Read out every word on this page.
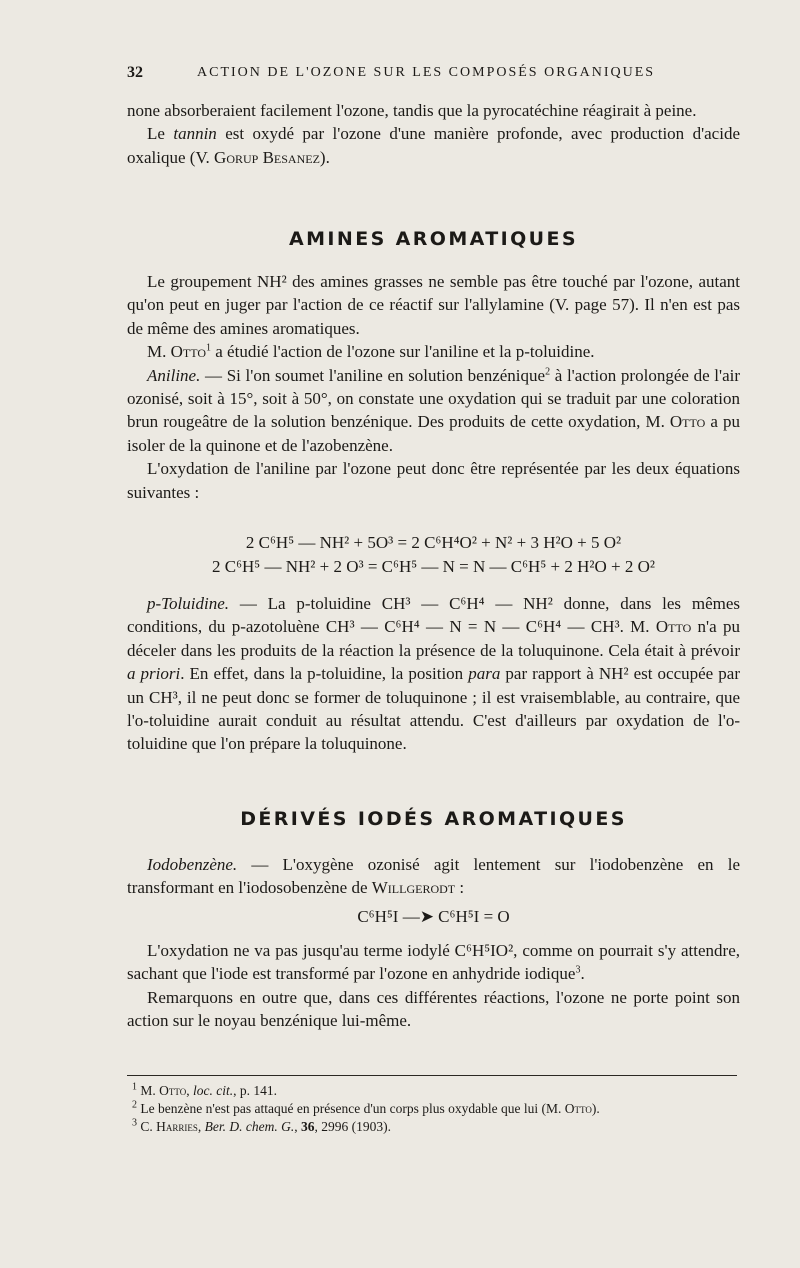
32	ACTION DE L'OZONE SUR LES COMPOSÉS ORGANIQUES

none absorberaient facilement l'ozone, tandis que la pyrocatéchine réagirait à peine.

Le tannin est oxydé par l'ozone d'une manière profonde, avec production d'acide oxalique (V. Gorup Besanez).

AMINES AROMATIQUES

Le groupement NH² des amines grasses ne semble pas être touché par l'ozone, autant qu'on peut en juger par l'action de ce réactif sur l'allylamine (V. page 57). Il n'en est pas de même des amines aromatiques.

M. Otto$^1$ a étudié l'action de l'ozone sur l'aniline et la p-toluidine.

Aniline. — Si l'on soumet l'aniline en solution benzénique$^2$ à l'action prolongée de l'air ozonisé, soit à 15°, soit à 50°, on constate une oxydation qui se traduit par une coloration brun rougeâtre de la solution benzénique. Des produits de cette oxydation, M. Otto a pu isoler de la quinone et de l'azobenzène.

L'oxydation de l'aniline par l'ozone peut donc être représentée par les deux équations suivantes :

2 C⁶H⁵ — NH² + 5O³ = 2 C⁶H⁴O² + N² + 3 H²O + 5 O²
2 C⁶H⁵ — NH² + 2 O³ = C⁶H⁵ — N = N — C⁶H⁵ + 2 H²O + 2 O²

p-Toluidine. — La p-toluidine CH³ — C⁶H⁴ — NH² donne, dans les mêmes conditions, du p-azotoluène CH³ — C⁶H⁴ — N = N — C⁶H⁴ — CH³. M. Otto n'a pu déceler dans les produits de la réaction la présence de la toluquinone. Cela était à prévoir a priori. En effet, dans la p-toluidine, la position para par rapport à NH² est occupée par un CH³, il ne peut donc se former de toluquinone ; il est vraisemblable, au contraire, que l'o-toluidine aurait conduit au résultat attendu. C'est d'ailleurs par oxydation de l'o-toluidine que l'on prépare la toluquinone.

DÉRIVÉS IODÉS AROMATIQUES

Iodobenzène. — L'oxygène ozonisé agit lentement sur l'iodobenzène en le transformant en l'iodosobenzène de Willgerodt :

C⁶H⁵I —➤ C⁶H⁵I = O

L'oxydation ne va pas jusqu'au terme iodylé C⁶H⁵IO², comme on pourrait s'y attendre, sachant que l'iode est transformé par l'ozone en anhydride iodique$^3$.

Remarquons en outre que, dans ces différentes réactions, l'ozone ne porte point son action sur le noyau benzénique lui-même.

$^1$ M. Otto, loc. cit., p. 141.

$^2$ Le benzène n'est pas attaqué en présence d'un corps plus oxydable que lui (M. Otto).

$^3$ C. Harries, Ber. D. chem. G., 36, 2996 (1903).
